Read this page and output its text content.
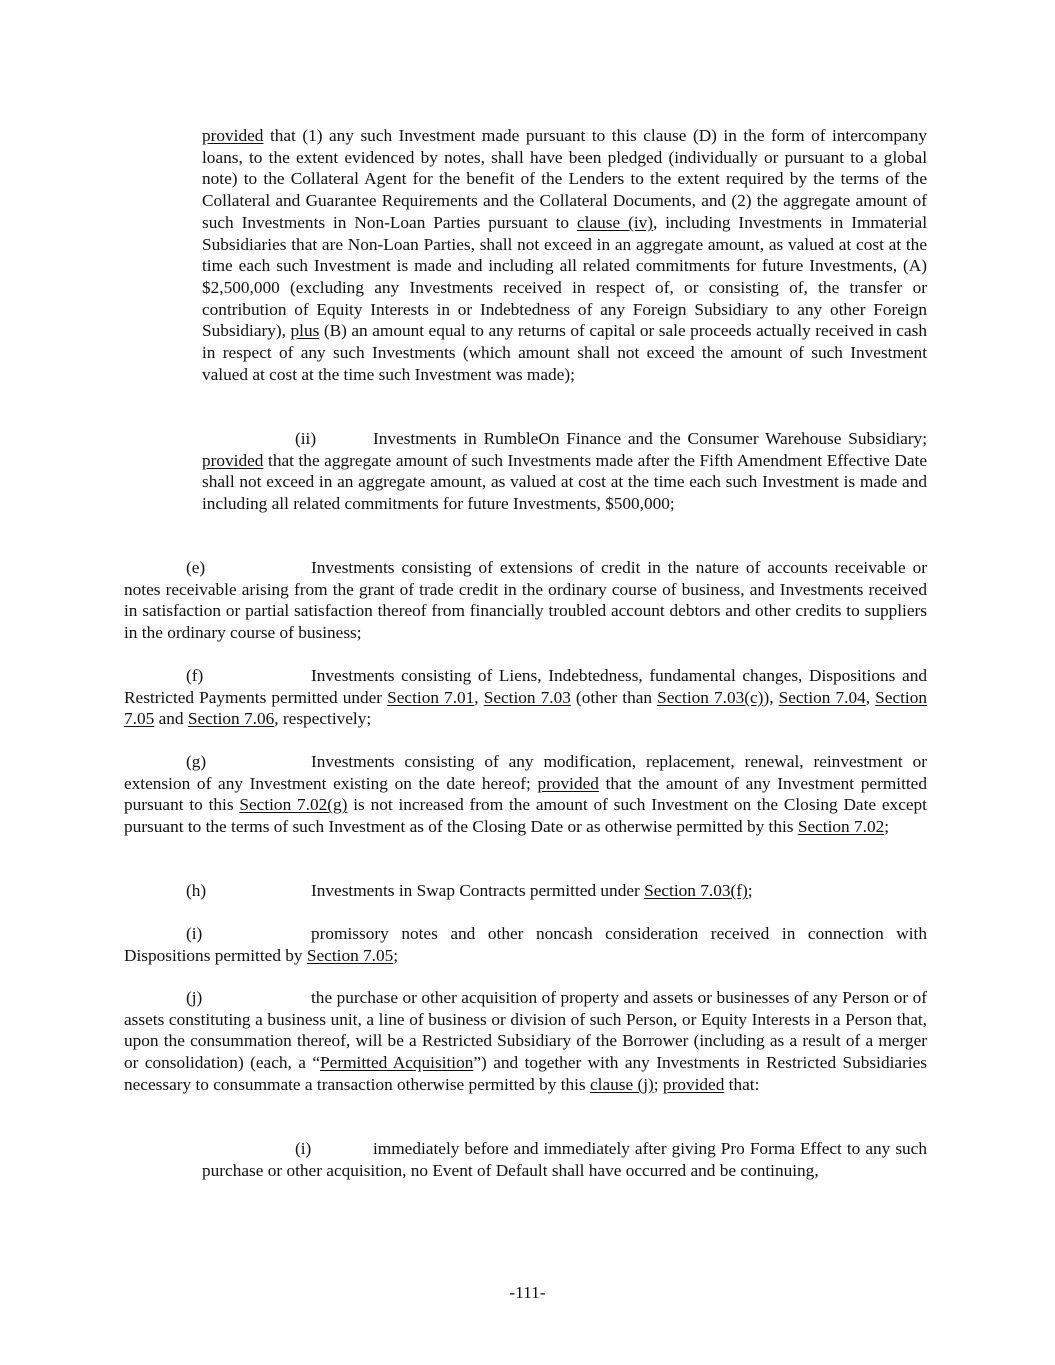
provided that (1) any such Investment made pursuant to this clause (D) in the form of intercompany loans, to the extent evidenced by notes, shall have been pledged (individually or pursuant to a global note) to the Collateral Agent for the benefit of the Lenders to the extent required by the terms of the Collateral and Guarantee Requirements and the Collateral Documents, and (2) the aggregate amount of such Investments in Non-Loan Parties pursuant to clause (iv), including Investments in Immaterial Subsidiaries that are Non-Loan Parties, shall not exceed in an aggregate amount, as valued at cost at the time each such Investment is made and including all related commitments for future Investments, (A) $2,500,000 (excluding any Investments received in respect of, or consisting of, the transfer or contribution of Equity Interests in or Indebtedness of any Foreign Subsidiary to any other Foreign Subsidiary), plus (B) an amount equal to any returns of capital or sale proceeds actually received in cash in respect of any such Investments (which amount shall not exceed the amount of such Investment valued at cost at the time such Investment was made);

(ii)	Investments in RumbleOn Finance and the Consumer Warehouse Subsidiary; provided that the aggregate amount of such Investments made after the Fifth Amendment Effective Date shall not exceed in an aggregate amount, as valued at cost at the time each such Investment is made and including all related commitments for future Investments, $500,000;

(e)	Investments consisting of extensions of credit in the nature of accounts receivable or notes receivable arising from the grant of trade credit in the ordinary course of business, and Investments received in satisfaction or partial satisfaction thereof from financially troubled account debtors and other credits to suppliers in the ordinary course of business;

(f)	Investments consisting of Liens, Indebtedness, fundamental changes, Dispositions and Restricted Payments permitted under Section 7.01, Section 7.03 (other than Section 7.03(c)), Section 7.04, Section 7.05 and Section 7.06, respectively;

(g)	Investments consisting of any modification, replacement, renewal, reinvestment or extension of any Investment existing on the date hereof; provided that the amount of any Investment permitted pursuant to this Section 7.02(g) is not increased from the amount of such Investment on the Closing Date except pursuant to the terms of such Investment as of the Closing Date or as otherwise permitted by this Section 7.02;

(h)	Investments in Swap Contracts permitted under Section 7.03(f);

(i)	promissory notes and other noncash consideration received in connection with Dispositions permitted by Section 7.05;

(j)	the purchase or other acquisition of property and assets or businesses of any Person or of assets constituting a business unit, a line of business or division of such Person, or Equity Interests in a Person that, upon the consummation thereof, will be a Restricted Subsidiary of the Borrower (including as a result of a merger or consolidation) (each, a “Permitted Acquisition”) and together with any Investments in Restricted Subsidiaries necessary to consummate a transaction otherwise permitted by this clause (j); provided that:

(i)	immediately before and immediately after giving Pro Forma Effect to any such purchase or other acquisition, no Event of Default shall have occurred and be continuing,

-111-
